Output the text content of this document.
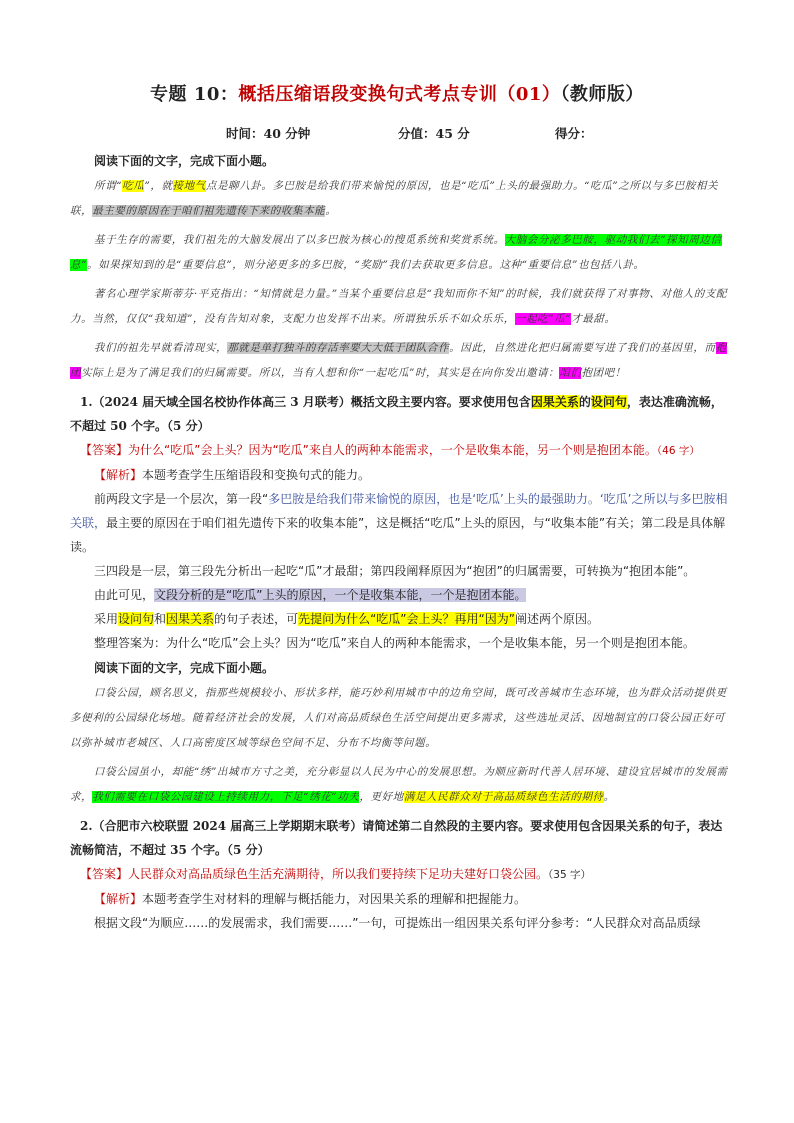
专题 10：概括压缩语段变换句式考点专训（01）（教师版）
时间：40 分钟	分值：45 分	得分：

阅读下面的文字，完成下面小题。

所谓“吃瓜”，就接地气点是聊八卦。多巴胺是给我们带来愉悦的原因，也是“吃瓜”上头的最强助力。“吃瓜”之所以与多巴胺相关联，最主要的原因在于咱们祖先遗传下来的收集本能。

基于生存的需要，我们祖先的大脑发展出了以多巴胺为核心的搜觅系统和奖赏系统。大脑会分泌多巴胺，驱动我们去“探知周边信息”。如果探知到的是“重要信息”，则分泌更多的多巴胺，“奖励”我们去获取更多信息。这种“重要信息”也包括八卦。

著名心理学家斯蒂芬·平克指出：“知情就是力量。”当某个重要信息是“我知而你不知”的时候，我们就获得了对事物、对他人的支配力。当然，仅仅“我知道”，没有告知对象，支配力也发挥不出来。所谓独乐乐不如众乐乐，一起吃“瓜”才最甜。

我们的祖先早就看清现实，那就是单打独斗的存活率要大大低于团队合作。因此，自然进化把归属需要写进了我们的基因里，而抱团实际上是为了满足我们的归属需要。所以，当有人想和你“一起吃瓜”时，其实是在向你发出邀请：咱们抱团吧！

1.（2024 届天域全国名校协作体高三 3 月联考）概括文段主要内容。要求使用包含因果关系的设问句，表达准确流畅，不超过 50 个字。（5 分）

【答案】为什么“吃瓜”会上头？因为“吃瓜”来自人的两种本能需求，一个是收集本能，另一个则是抱团本能。（46 字）

【解析】本题考查学生压缩语段和变换句式的能力。

前两段文字是一个层次，第一段“多巴胺是给我们带来愉悦的原因，也是‘吃瓜’上头的最强助力。‘吃瓜’之所以与多巴胺相关联，最主要的原因在于咱们祖先遗传下来的收集本能”，这是概括“吃瓜”上头的原因，与“收集本能”有关；第二段是具体解读。

三四段是一层，第三段先分析出一起吃“瓜”才最甜；第四段阐释原因为“抱团”的归属需要，可转换为“抱团本能”。

由此可见，文段分析的是“吃瓜”上头的原因，一个是收集本能，一个是抱团本能。

采用设问句和因果关系的句子表述，可先提问为什么“吃瓜”会上头？再用“因为”阐述两个原因。

整理答案为：为什么“吃瓜”会上头？因为“吃瓜”来自人的两种本能需求，一个是收集本能，另一个则是抱团本能。

阅读下面的文字，完成下面小题。

口袋公园，顾名思义，指那些规模较小、形状多样，能巧妙利用城市中的边角空间，既可改善城市生态环境，也为群众活动提供更多便利的公园绿化场地。随着经济社会的发展，人们对高品质绿色生活空间提出更多需求，这些选址灵活、因地制宜的口袋公园正好可以弥补城市老城区、人口高密度区域等绿色空间不足、分布不均衡等问题。

口袋公园虽小，却能“绣”出城市方寸之美，充分彰显以人民为中心的发展思想。为顺应新时代善人居环境、建设宜居城市的发展需求，我们需要在口袋公园建设上持续用力，下足“绣花”功夫，更好地满足人民群众对于高品质绿色生活的期待。

2.（合肥市六校联盟 2024 届高三上学期期末联考）请简述第二自然段的主要内容。要求使用包含因果关系的句子，表达流畅简洁，不超过 35 个字。（5 分）

【答案】人民群众对高品质绿色生活充满期待，所以我们要持续下足功夫建好口袋公园。（35 字）

【解析】本题考查学生对材料的理解与概括能力，对因果关系的理解和把握能力。

根据文段“为顺应……的发展需求，我们需要……”一句，可提炼出一组因果关系句评分参考：“人民群众对高品质绿
